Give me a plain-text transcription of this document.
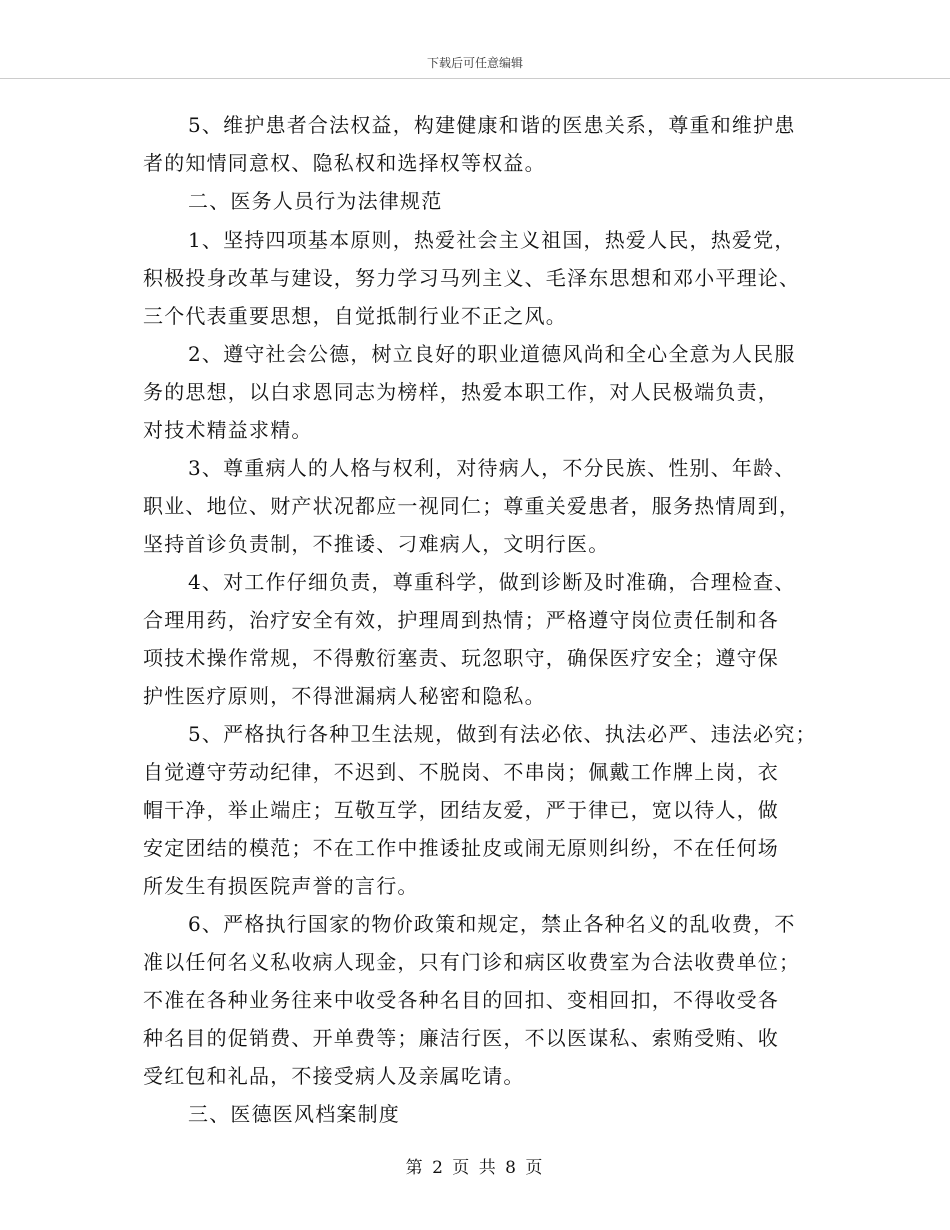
下载后可任意编辑
5、维护患者合法权益，构建健康和谐的医患关系，尊重和维护患
者的知情同意权、隐私权和选择权等权益。
二、医务人员行为法律规范
1、坚持四项基本原则，热爱社会主义祖国，热爱人民，热爱党，
积极投身改革与建设，努力学习马列主义、毛泽东思想和邓小平理论、
三个代表重要思想，自觉抵制行业不正之风。
2、遵守社会公德，树立良好的职业道德风尚和全心全意为人民服
务的思想，以白求恩同志为榜样，热爱本职工作，对人民极端负责，
对技术精益求精。
3、尊重病人的人格与权利，对待病人，不分民族、性别、年龄、
职业、地位、财产状况都应一视同仁；尊重关爱患者，服务热情周到，
坚持首诊负责制，不推诿、刁难病人，文明行医。
4、对工作仔细负责，尊重科学，做到诊断及时准确，合理检查、
合理用药，治疗安全有效，护理周到热情；严格遵守岗位责任制和各
项技术操作常规，不得敷衍塞责、玩忽职守，确保医疗安全；遵守保
护性医疗原则，不得泄漏病人秘密和隐私。
5、严格执行各种卫生法规，做到有法必依、执法必严、违法必究；
自觉遵守劳动纪律，不迟到、不脱岗、不串岗；佩戴工作牌上岗，衣
帽干净，举止端庄；互敬互学，团结友爱，严于律已，宽以待人，做
安定团结的模范；不在工作中推诿扯皮或闹无原则纠纷，不在任何场
所发生有损医院声誉的言行。
6、严格执行国家的物价政策和规定，禁止各种名义的乱收费，不
准以任何名义私收病人现金，只有门诊和病区收费室为合法收费单位；
不准在各种业务往来中收受各种名目的回扣、变相回扣，不得收受各
种名目的促销费、开单费等；廉洁行医，不以医谋私、索贿受贿、收
受红包和礼品，不接受病人及亲属吃请。
三、医德医风档案制度
第 2 页 共 8 页
